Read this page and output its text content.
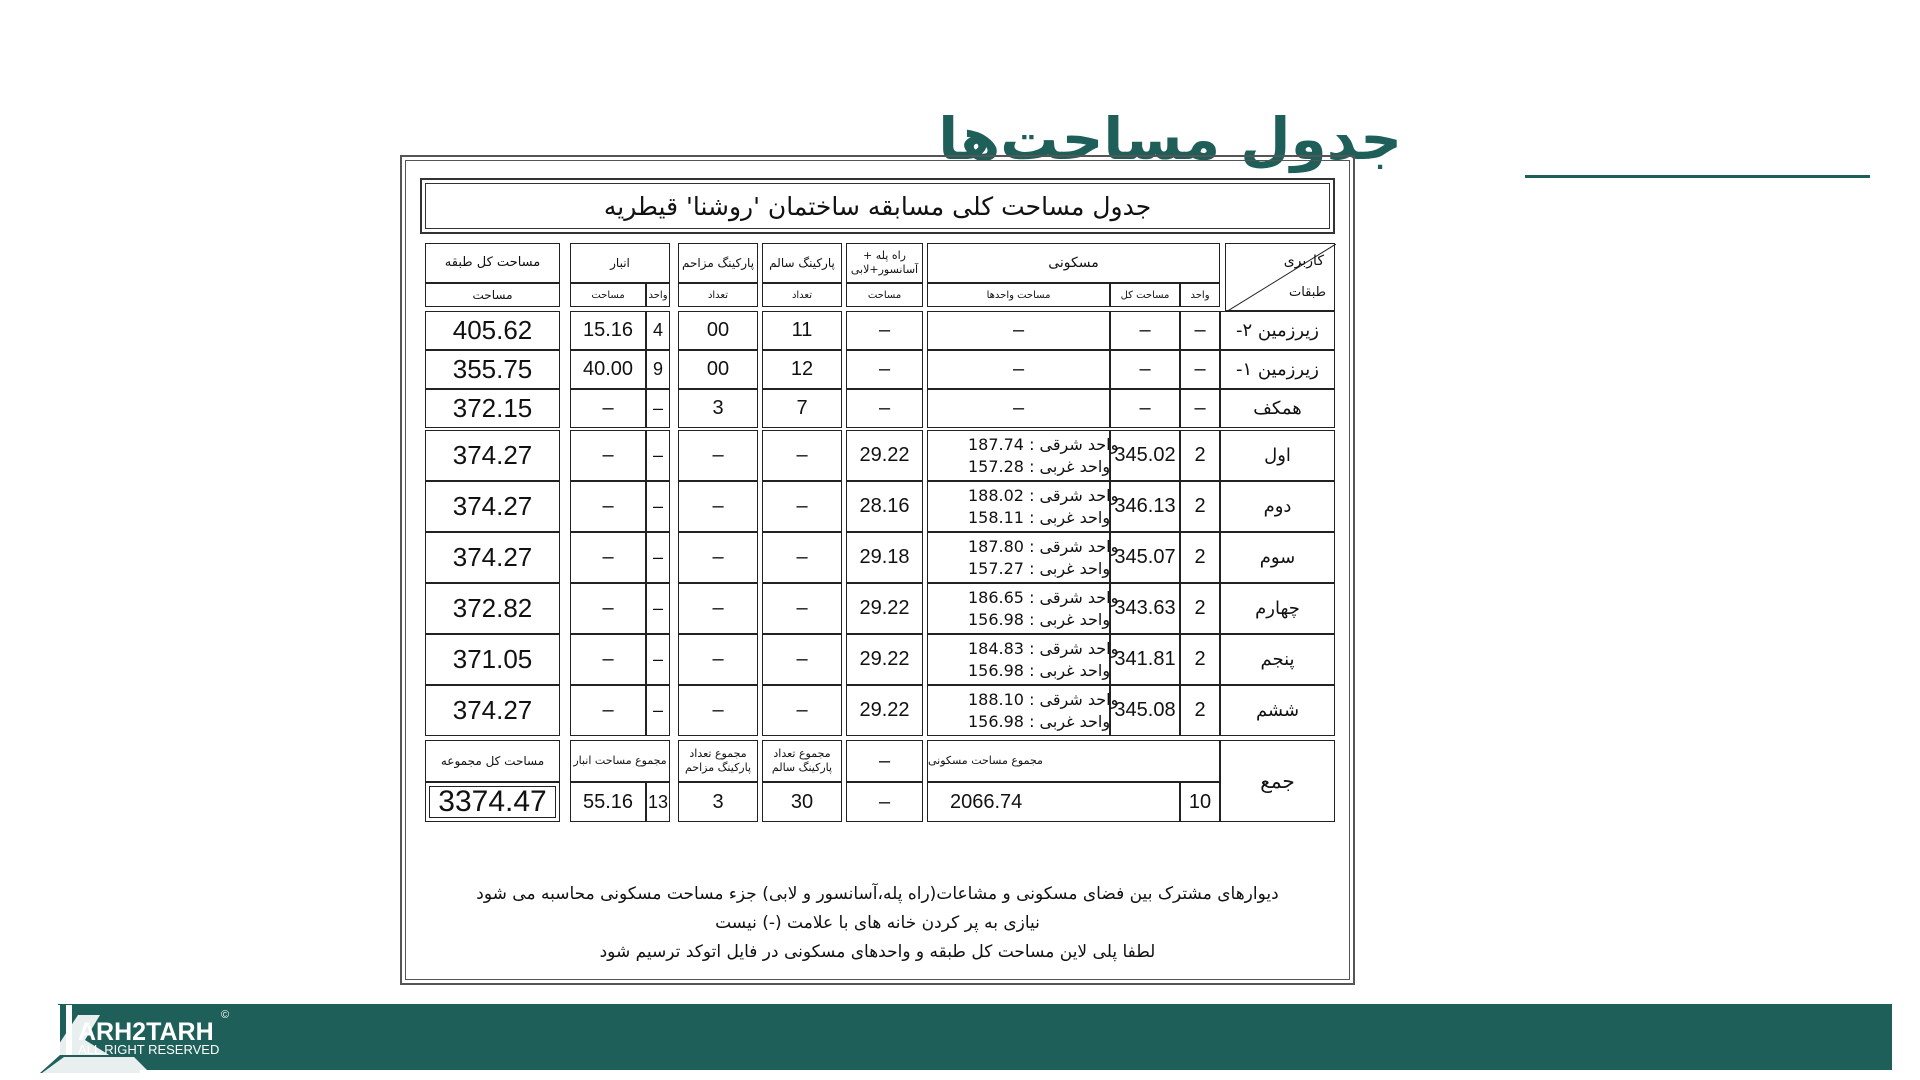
جدول مساحت‌ها
جدول مساحت کلی مسابقه ساختمان 'روشنا' قیطریه
کاربری
طبقات
مسکونی
واحد
مساحت کل
مساحت واحدها
راه پله + آسانسور+لابی
مساحت
پارکینگ سالم
تعداد
پارکینگ مزاحم
تعداد
انبار
واحد
مساحت
مساحت کل طبقه
مساحت
زیرزمین ۲-
–
–
–
–
11
00
4
15.16
405.62
زیرزمین ۱-
–
–
–
–
12
00
9
40.00
355.75
همکف
–
–
–
–
7
3
–
–
372.15
اول
2
345.02
187.74 : واحد شرقی
157.28 : واحد غربی
29.22
–
–
–
–
374.27
دوم
2
346.13
188.02 : واحد شرقی
158.11 : واحد غربی
28.16
–
–
–
–
374.27
سوم
2
345.07
187.80 : واحد شرقی
157.27 : واحد غربی
29.18
–
–
–
–
374.27
چهارم
2
343.63
186.65 : واحد شرقی
156.98 : واحد غربی
29.22
–
–
–
–
372.82
پنجم
2
341.81
184.83 : واحد شرقی
156.98 : واحد غربی
29.22
–
–
–
–
371.05
ششم
2
345.08
188.10 : واحد شرقی
156.98 : واحد غربی
29.22
–
–
–
–
374.27
جمع
مجموع مساحت مسکونی
10
2066.74
–
–
مجموع تعداد پارکینگ سالم
30
مجموع تعداد پارکینگ مزاحم
3
مجموع مساحت انبار
13
55.16
مساحت کل مجموعه
3374.47
دیوارهای مشترک بین فضای مسکونی و مشاعات(راه پله،آسانسور و لابی) جزء مساحت مسکونی محاسبه می شود
نیازی به پر کردن خانه های با علامت (-) نیست
لطفا پلی لاین مساحت کل طبقه و واحدهای مسکونی در فایل اتوکد ترسیم شود
ARH2TARH
ALL RIGHT RESERVED
©
